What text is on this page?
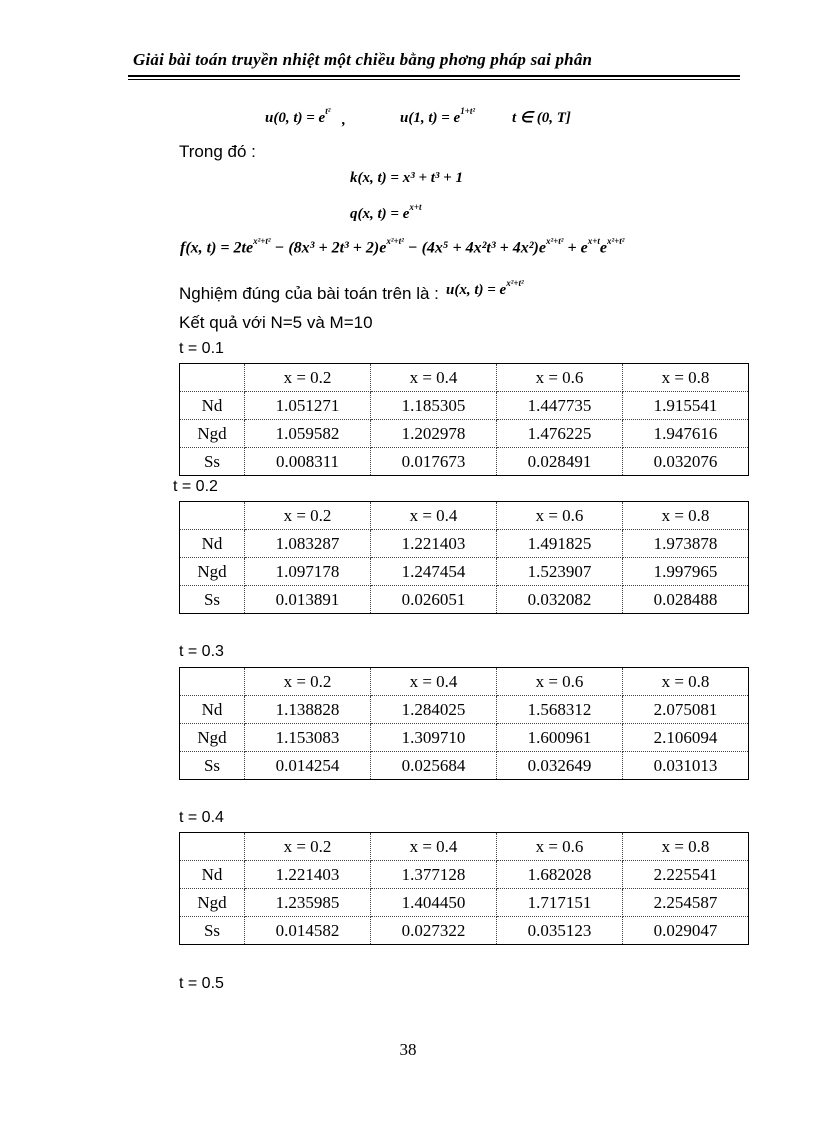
Giải bài toán truyền nhiệt một chiều bằng phơng pháp sai phân
u(0, $t) = e^{t^2}$
,	u(1, $t) = e^{1+t^2}$ t ∈ (0, T]
Trong đó :
k(x, t) = x³ + t³ + 1
q(x, $t) = e^{x+t}$
f(x, $t) = 2te^{x^2+t^2} - (8x^3 + 2t^3 + 2)e^{x^2+t^2} - (4x^5 + 4x^2t^3 + 4x^2)e^{x^2+t^2} + e^{x+t}e^{x^2+t^2}$
Nghiệm đúng của bài toán trên là : u(x, $t) = e^{x^2+t^2}$
Kết quả với N=5 và M=10
t = 0.1
	x = 0.2	x = 0.4	x = 0.6	x = 0.8
Nd	1.051271	1.185305	1.447735	1.915541
Ngd	1.059582	1.202978	1.476225	1.947616
Ss	0.008311	0.017673	0.028491	0.032076
t = 0.2
	x = 0.2	x = 0.4	x = 0.6	x = 0.8
Nd	1.083287	1.221403	1.491825	1.973878
Ngd	1.097178	1.247454	1.523907	1.997965
Ss	0.013891	0.026051	0.032082	0.028488
t = 0.3
	x = 0.2	x = 0.4	x = 0.6	x = 0.8
Nd	1.138828	1.284025	1.568312	2.075081
Ngd	1.153083	1.309710	1.600961	2.106094
Ss	0.014254	0.025684	0.032649	0.031013
t = 0.4
	x = 0.2	x = 0.4	x = 0.6	x = 0.8
Nd	1.221403	1.377128	1.682028	2.225541
Ngd	1.235985	1.404450	1.717151	2.254587
Ss	0.014582	0.027322	0.035123	0.029047
t = 0.5
38
